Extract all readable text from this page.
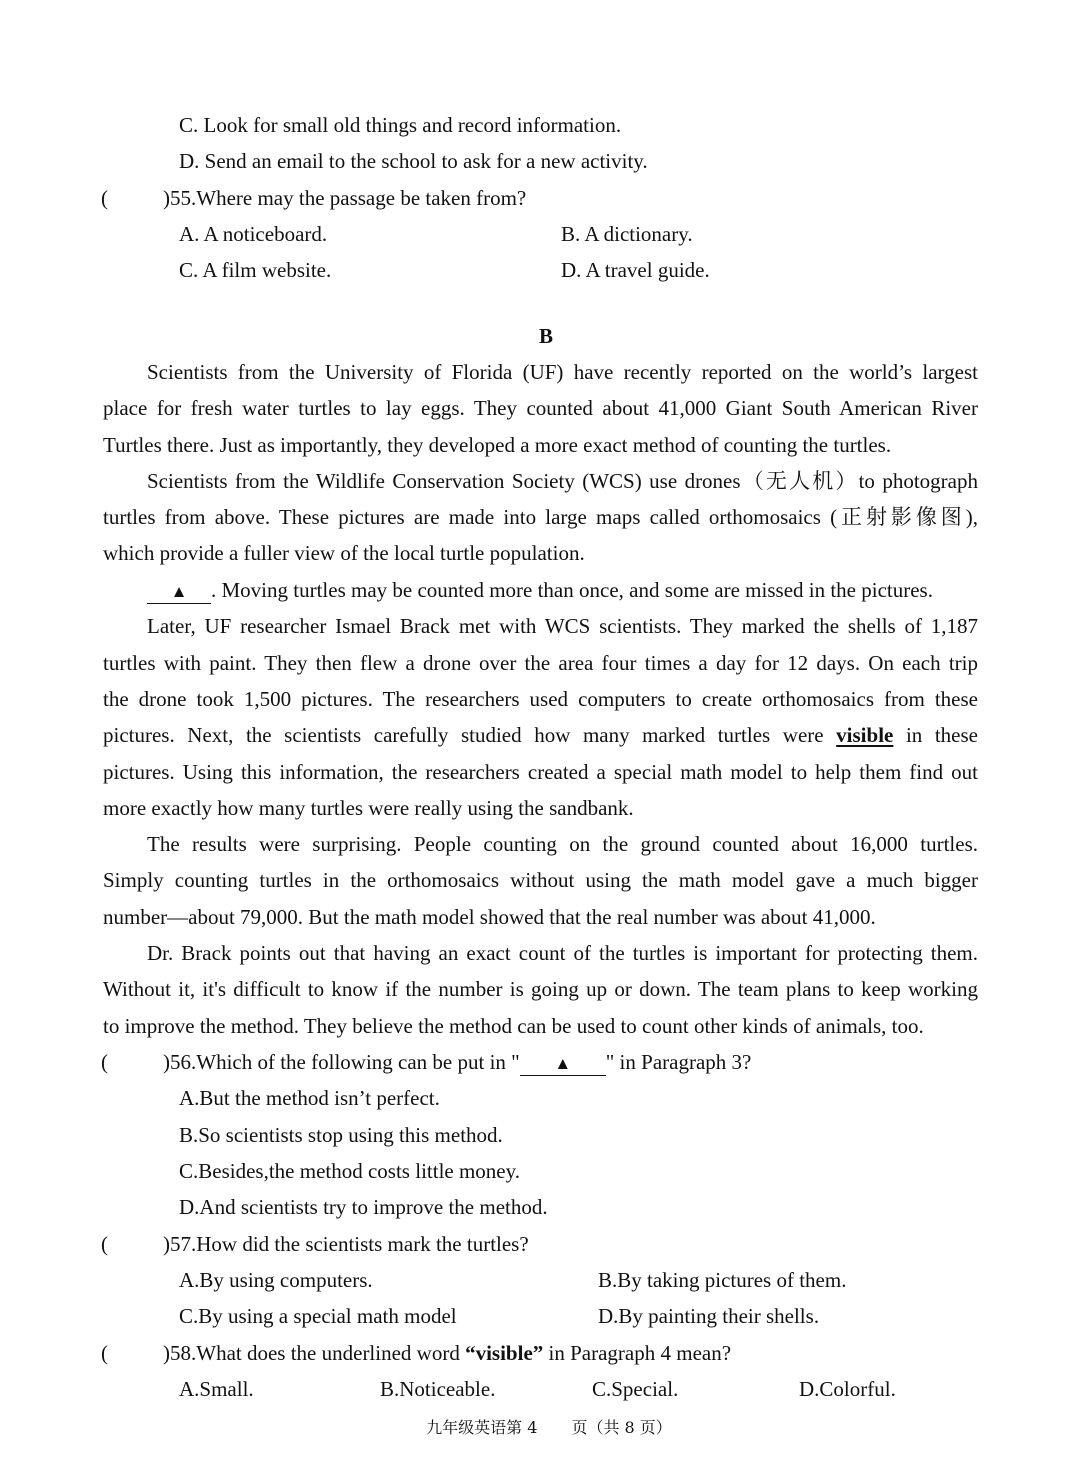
C. Look for small old things and record information.
D. Send an email to the school to ask for a new activity.
(	)55.Where may the passage be taken from?
A. A noticeboard.	B. A dictionary.
C. A film website.	D. A travel guide.
B
Scientists from the University of Florida (UF) have recently reported on the world’s largest
place for fresh water turtles to lay eggs. They counted about 41,000 Giant South American River
Turtles there. Just as importantly, they developed a more exact method of counting the turtles.
Scientists from the Wildlife Conservation Society (WCS) use drones（无人机）to photograph
turtles from above. These pictures are made into large maps called orthomosaics (正射影像图),
which provide a fuller view of the local turtle population.
▲ . Moving turtles may be counted more than once, and some are missed in the pictures.
Later, UF researcher Ismael Brack met with WCS scientists. They marked the shells of 1,187
turtles with paint. They then flew a drone over the area four times a day for 12 days. On each trip
the drone took 1,500 pictures. The researchers used computers to create orthomosaics from these
pictures. Next, the scientists carefully studied how many marked turtles were visible in these
pictures. Using this information, the researchers created a special math model to help them find out
more exactly how many turtles were really using the sandbank.
The results were surprising. People counting on the ground counted about 16,000 turtles.
Simply counting turtles in the orthomosaics without using the math model gave a much bigger
number—about 79,000. But the math model showed that the real number was about 41,000.
Dr. Brack points out that having an exact count of the turtles is important for protecting them.
Without it, it's difficult to know if the number is going up or down. The team plans to keep working
to improve the method. They believe the method can be used to count other kinds of animals, too.
(	)56.Which of the following can be put in " ▲ " in Paragraph 3?
A.But the method isn’t perfect.
B.So scientists stop using this method.
C.Besides,the method costs little money.
D.And scientists try to improve the method.
(	)57.How did the scientists mark the turtles?
A.By using computers.	B.By taking pictures of them.
C.By using a special math model	D.By painting their shells.
(	)58.What does the underlined word “visible” in Paragraph 4 mean?
A.Small.	B.Noticeable.	C.Special.	D.Colorful.
九年级英语第 4 页（共 8 页）
